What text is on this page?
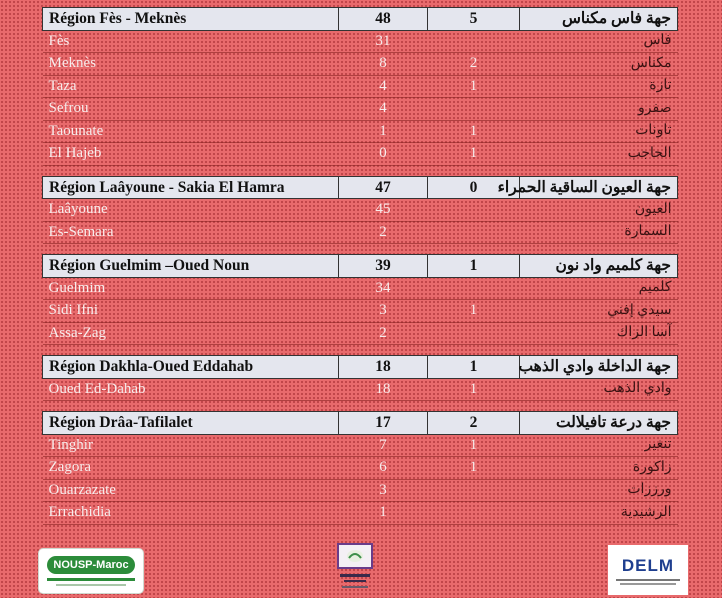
Région Fès - Meknès	48	5	جهة فاس مكناس
Fès	31		فاس
Meknès	8	2	مكناس
Taza	4	1	تازة
Sefrou	4		صفرو
Taounate	1	1	تاونات
El Hajeb	0	1	الحاجب

Région Laâyoune - Sakia El Hamra	47	0	جهة العيون الساقية الحمراء
Laâyoune	45		العيون
Es-Semara	2		السمارة

Région Guelmim –Oued Noun	39	1	جهة كلميم واد نون
Guelmim	34		كلميم
Sidi Ifni	3	1	سيدي إفني
Assa-Zag	2		آسا الزاك

Région Dakhla-Oued Eddahab	18	1	جهة الداخلة وادي الذهب
Oued Ed-Dahab	18	1	وادي الذهب

Région Drâa-Tafilalet	17	2	جهة درعة تافيلالت
Tinghir	7	1	تنغير
Zagora	6	1	زاكورة
Ouarzazate	3		ورززات
Errachidia	1		الرشيدية
NOUSP-Maroc	DELM
